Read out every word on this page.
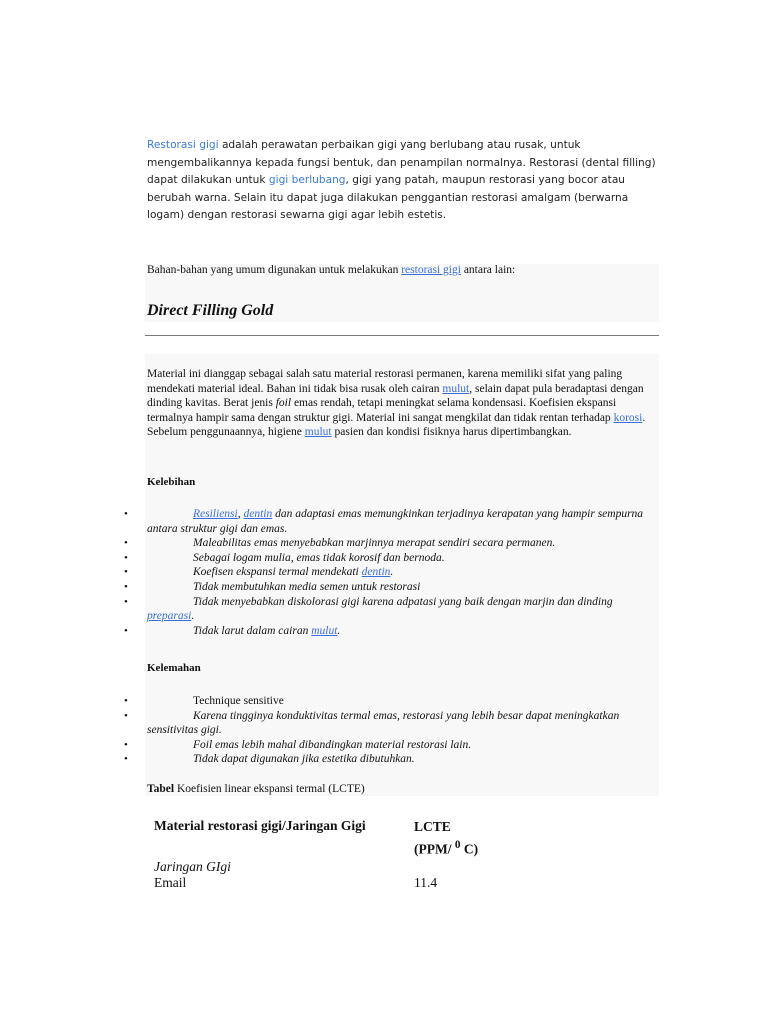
Restorasi gigi adalah perawatan perbaikan gigi yang berlubang atau rusak, untuk mengembalikannya kepada fungsi bentuk, dan penampilan normalnya. Restorasi (dental filling) dapat dilakukan untuk gigi berlubang, gigi yang patah, maupun restorasi yang bocor atau berubah warna. Selain itu dapat juga dilakukan penggantian restorasi amalgam (berwarna logam) dengan restorasi sewarna gigi agar lebih estetis.

Bahan-bahan yang umum digunakan untuk melakukan restorasi gigi antara lain:

Direct Filling Gold

Material ini dianggap sebagai salah satu material restorasi permanen, karena memiliki sifat yang paling mendekati material ideal. Bahan ini tidak bisa rusak oleh cairan mulut, selain dapat pula beradaptasi dengan dinding kavitas. Berat jenis foil emas rendah, tetapi meningkat selama kondensasi. Koefisien ekspansi termalnya hampir sama dengan struktur gigi. Material ini sangat mengkilat dan tidak rentan terhadap korosi. Sebelum penggunaannya, higiene mulut pasien dan kondisi fisiknya harus dipertimbangkan.

Kelebihan

•	Resiliensi, dentin dan adaptasi emas memungkinkan terjadinya kerapatan yang hampir sempurna antara struktur gigi dan emas.
•	Maleabilitas emas menyebabkan marjinnya merapat sendiri secara permanen.
•	Sebagai logam mulia, emas tidak korosif dan bernoda.
•	Koefisen ekspansi termal mendekati dentin.
•	Tidak membutuhkan media semen untuk restorasi
•	Tidak menyebabkan diskolorasi gigi karena adpatasi yang baik dengan marjin dan dinding preparasi.
•	Tidak larut dalam cairan mulut.

Kelemahan

•	Technique sensitive
•	Karena tingginya konduktivitas termal emas, restorasi yang lebih besar dapat meningkatkan sensitivitas gigi.
•	Foil emas lebih mahal dibandingkan material restorasi lain.
•	Tidak dapat digunakan jika estetika dibutuhkan.

Tabel Koefisien linear ekspansi termal (LCTE)

Material restorasi gigi/Jaringan Gigi	LCTE
(PPM/ $^0$ C)
Jaringan GIgi	
Email	11.4
